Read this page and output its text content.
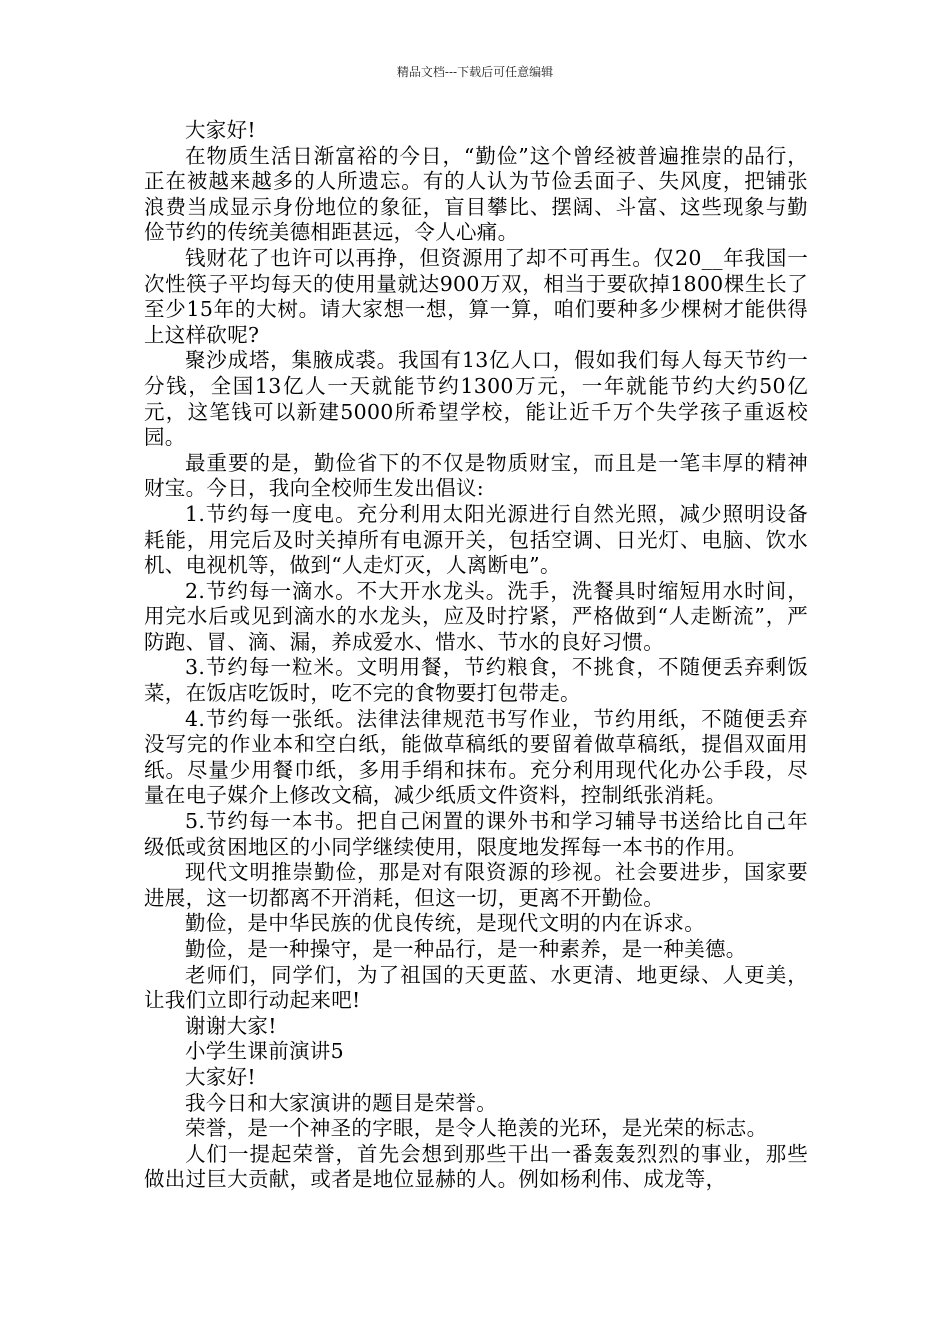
精品文档---下载后可任意编辑

大家好!

在物质生活日渐富裕的今日，“勤俭”这个曾经被普遍推崇的品行，正在被越来越多的人所遗忘。有的人认为节俭丢面子、失风度，把铺张浪费当成显示身份地位的象征，盲目攀比、摆阔、斗富、这些现象与勤俭节约的传统美德相距甚远，令人心痛。

钱财花了也许可以再挣，但资源用了却不可再生。仅20__年我国一次性筷子平均每天的使用量就达900万双，相当于要砍掉1800棵生长了至少15年的大树。请大家想一想，算一算，咱们要种多少棵树才能供得上这样砍呢?

聚沙成塔，集腋成裘。我国有13亿人口，假如我们每人每天节约一分钱，全国13亿人一天就能节约1300万元，一年就能节约大约50亿元，这笔钱可以新建5000所希望学校，能让近千万个失学孩子重返校园。

最重要的是，勤俭省下的不仅是物质财宝，而且是一笔丰厚的精神财宝。今日，我向全校师生发出倡议:

1.节约每一度电。充分利用太阳光源进行自然光照，减少照明设备耗能，用完后及时关掉所有电源开关，包括空调、日光灯、电脑、饮水机、电视机等，做到“人走灯灭，人离断电”。

2.节约每一滴水。不大开水龙头。洗手，洗餐具时缩短用水时间，用完水后或见到滴水的水龙头，应及时拧紧，严格做到“人走断流”，严防跑、冒、滴、漏，养成爱水、惜水、节水的良好习惯。

3.节约每一粒米。文明用餐，节约粮食，不挑食，不随便丢弃剩饭菜，在饭店吃饭时，吃不完的食物要打包带走。

4.节约每一张纸。法律法律规范书写作业，节约用纸，不随便丢弃没写完的作业本和空白纸，能做草稿纸的要留着做草稿纸，提倡双面用纸。尽量少用餐巾纸，多用手绢和抹布。充分利用现代化办公手段，尽量在电子媒介上修改文稿，减少纸质文件资料，控制纸张消耗。

5.节约每一本书。把自己闲置的课外书和学习辅导书送给比自己年级低或贫困地区的小同学继续使用，限度地发挥每一本书的作用。

现代文明推崇勤俭，那是对有限资源的珍视。社会要进步，国家要进展，这一切都离不开消耗，但这一切，更离不开勤俭。

勤俭，是中华民族的优良传统，是现代文明的内在诉求。

勤俭，是一种操守，是一种品行，是一种素养，是一种美德。

老师们，同学们，为了祖国的天更蓝、水更清、地更绿、人更美，让我们立即行动起来吧!

谢谢大家!

小学生课前演讲5

大家好!

我今日和大家演讲的题目是荣誉。

荣誉，是一个神圣的字眼，是令人艳羡的光环，是光荣的标志。

人们一提起荣誉，首先会想到那些干出一番轰轰烈烈的事业，那些做出过巨大贡献，或者是地位显赫的人。例如杨利伟、成龙等，
